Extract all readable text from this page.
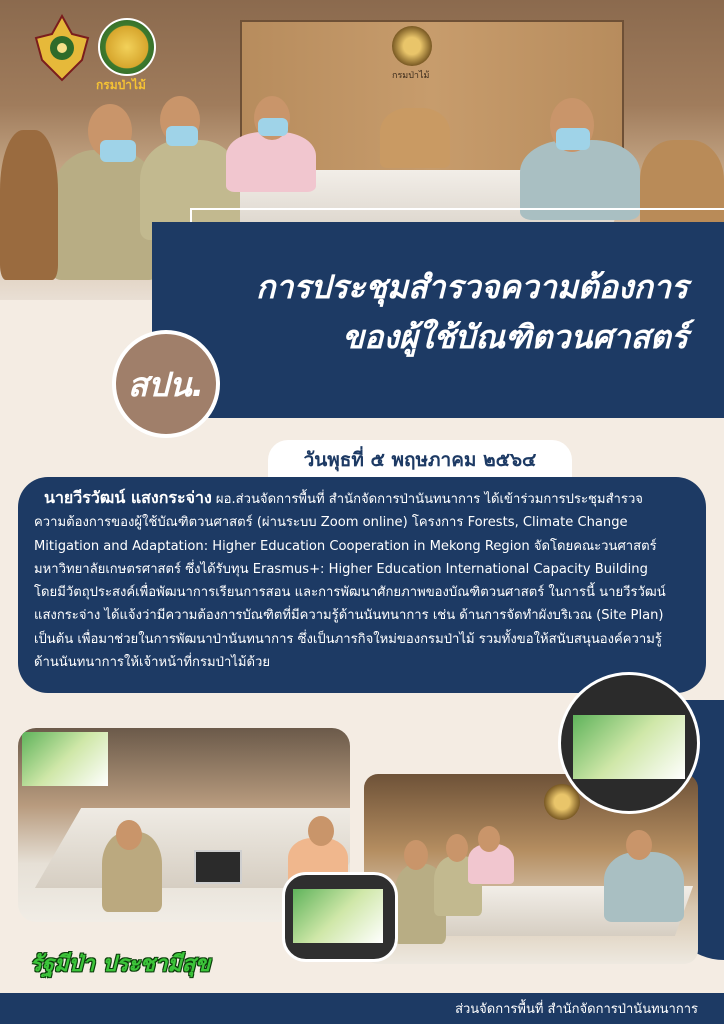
กรมป่าไม้
กรมป่าไม้
การประชุมสำรวจความต้องการ
ของผู้ใช้บัณฑิตวนศาสตร์
สปน.
วันพุธที่ ๕ พฤษภาคม ๒๕๖๔
นายวีรวัฒน์ แสงกระจ่าง ผอ.ส่วนจัดการพื้นที่ สำนักจัดการป่านันทนาการ ได้เข้าร่วมการประชุมสำรวจความต้องการของผู้ใช้บัณฑิตวนศาสตร์ (ผ่านระบบ Zoom online) โครงการ Forests, Climate Change Mitigation and Adaptation: Higher Education Cooperation in Mekong Region จัดโดยคณะวนศาสตร์ มหาวิทยาลัยเกษตรศาสตร์ ซึ่งได้รับทุน Erasmus+: Higher Education International Capacity Building โดยมีวัตถุประสงค์เพื่อพัฒนาการเรียนการสอน และการพัฒนาศักยภาพของบัณฑิตวนศาสตร์ ในการนี้ นายวีรวัฒน์ แสงกระจ่าง ได้แจ้งว่ามีความต้องการบัณฑิตที่มีความรู้ด้านนันทนาการ เช่น ด้านการจัดทำผังบริเวณ (Site Plan) เป็นต้น เพื่อมาช่วยในการพัฒนาป่านันทนาการ ซึ่งเป็นภารกิจใหม่ของกรมป่าไม้ รวมทั้งขอให้สนับสนุนองค์ความรู้ด้านนันทนาการให้เจ้าหน้าที่กรมป่าไม้ด้วย
รัฐมีป่า ประชามีสุข
ส่วนจัดการพื้นที่ สำนักจัดการป่านันทนาการ
